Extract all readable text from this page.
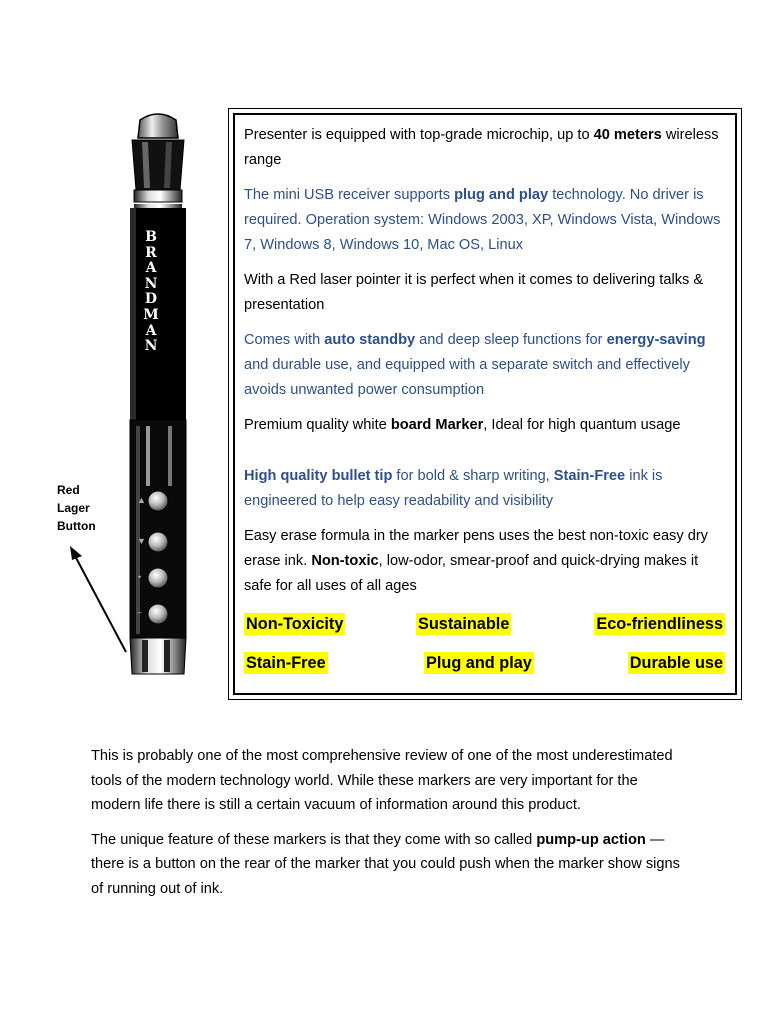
B
R
A
N
D
M
A
N
▲
▼
•
–
Red
Lager
Button

Presenter is equipped with top-grade microchip, up to 40 meters wireless range

The mini USB receiver supports plug and play technology. No driver is required. Operation system: Windows 2003, XP, Windows Vista, Windows 7, Windows 8, Windows 10, Mac OS, Linux

With a Red laser pointer it is perfect when it comes to delivering talks & presentation

Comes with auto standby and deep sleep functions for energy-saving and durable use, and equipped with a separate switch and effectively avoids unwanted power consumption

Premium quality white board Marker, Ideal for high quantum usage

High quality bullet tip for bold & sharp writing, Stain-Free ink is engineered to help easy readability and visibility

Easy erase formula in the marker pens uses the best non-toxic easy dry erase ink. Non-toxic, low-odor, smear-proof and quick-drying makes it safe for all uses of all ages

Non-Toxicity	Sustainable	Eco-friendliness
Stain-Free	Plug and play	Durable use

This is probably one of the most comprehensive review of one of the most underestimated tools of the modern technology world. While these markers are very important for the modern life there is still a certain vacuum of information around this product.

The unique feature of these markers is that they come with so called pump-up action — there is a button on the rear of the marker that you could push when the marker show signs of running out of ink.
